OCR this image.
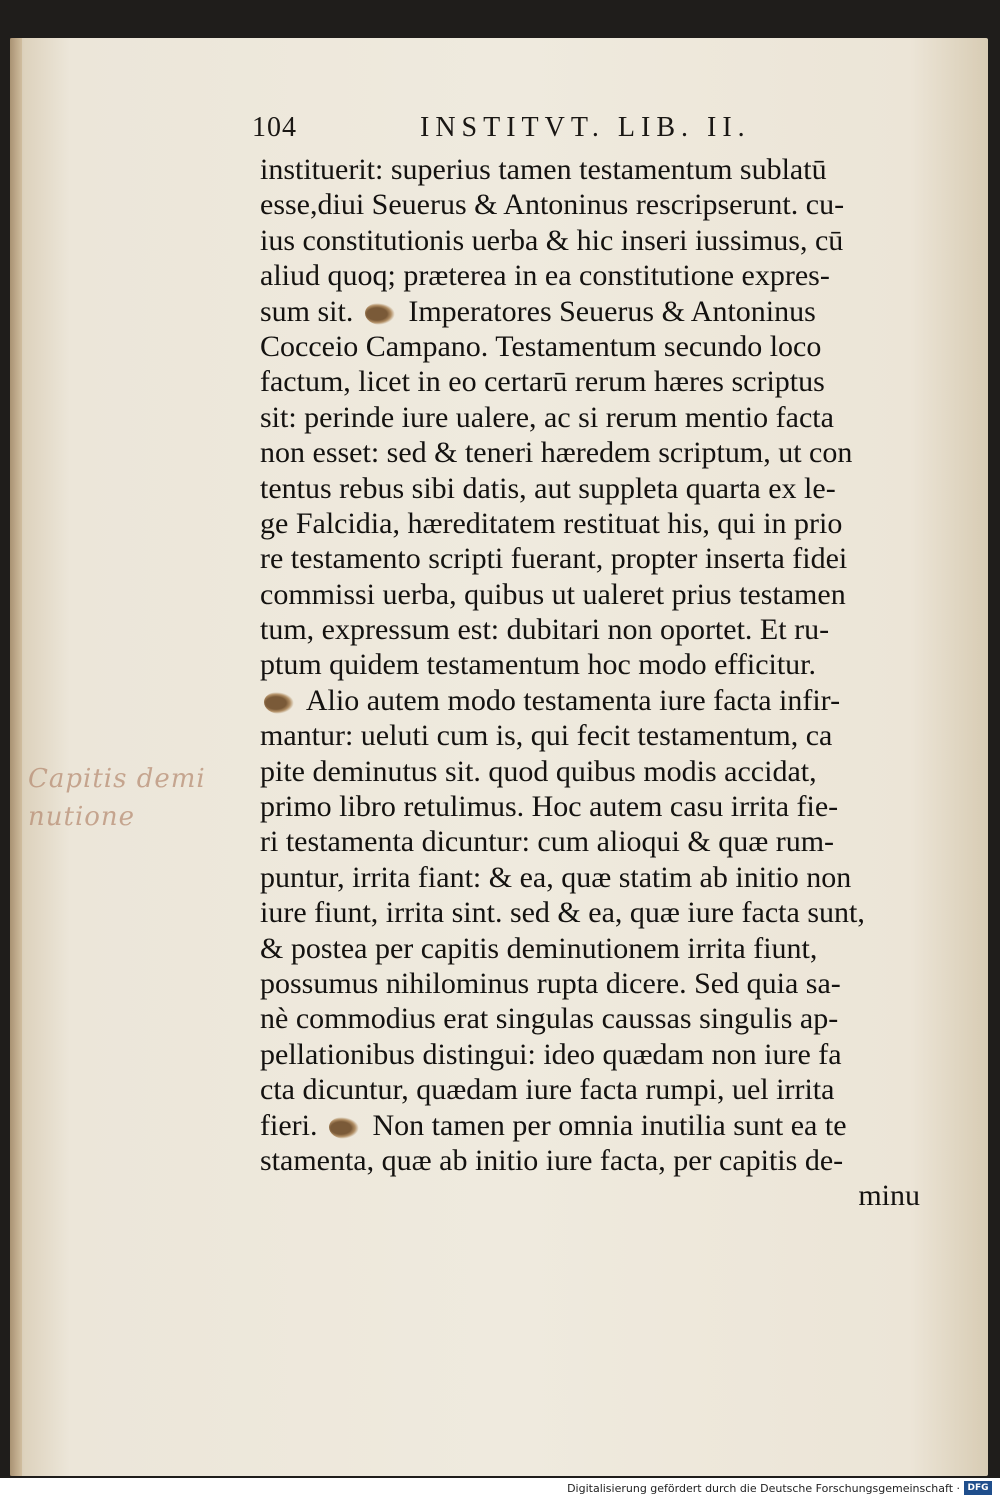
104	INSTITVT. LIB. II.
Capitis demi
nutione
instituerit: superius tamen testamentum sublatū
esse,diui Seuerus & Antoninus rescripserunt. cu-
ius constitutionis uerba & hic inseri iussimus, cū
aliud quoq; præterea in ea constitutione expres-
sum sit. Imperatores Seuerus & Antoninus
Cocceio Campano. Testamentum secundo loco
factum, licet in eo certarū rerum hæres scriptus
sit: perinde iure ualere, ac si rerum mentio facta
non esset: sed & teneri hæredem scriptum, ut con
tentus rebus sibi datis, aut suppleta quarta ex le-
ge Falcidia, hæreditatem restituat his, qui in prio
re testamento scripti fuerant, propter inserta fidei
commissi uerba, quibus ut ualeret prius testamen
tum, expressum est: dubitari non oportet. Et ru-
ptum quidem testamentum hoc modo efficitur.
Alio autem modo testamenta iure facta infir-
mantur: ueluti cum is, qui fecit testamentum, ca
pite deminutus sit. quod quibus modis accidat,
primo libro retulimus. Hoc autem casu irrita fie-
ri testamenta dicuntur: cum alioqui & quæ rum-
puntur, irrita fiant: & ea, quæ statim ab initio non
iure fiunt, irrita sint. sed & ea, quæ iure facta sunt,
& postea per capitis deminutionem irrita fiunt,
possumus nihilominus rupta dicere. Sed quia sa-
nè commodius erat singulas caussas singulis ap-
pellationibus distingui: ideo quædam non iure fa
cta dicuntur, quædam iure facta rumpi, uel irrita
fieri. Non tamen per omnia inutilia sunt ea te
stamenta, quæ ab initio iure facta, per capitis de-
minu
Digitalisierung gefördert durch die Deutsche Forschungsgemeinschaft · DFG
